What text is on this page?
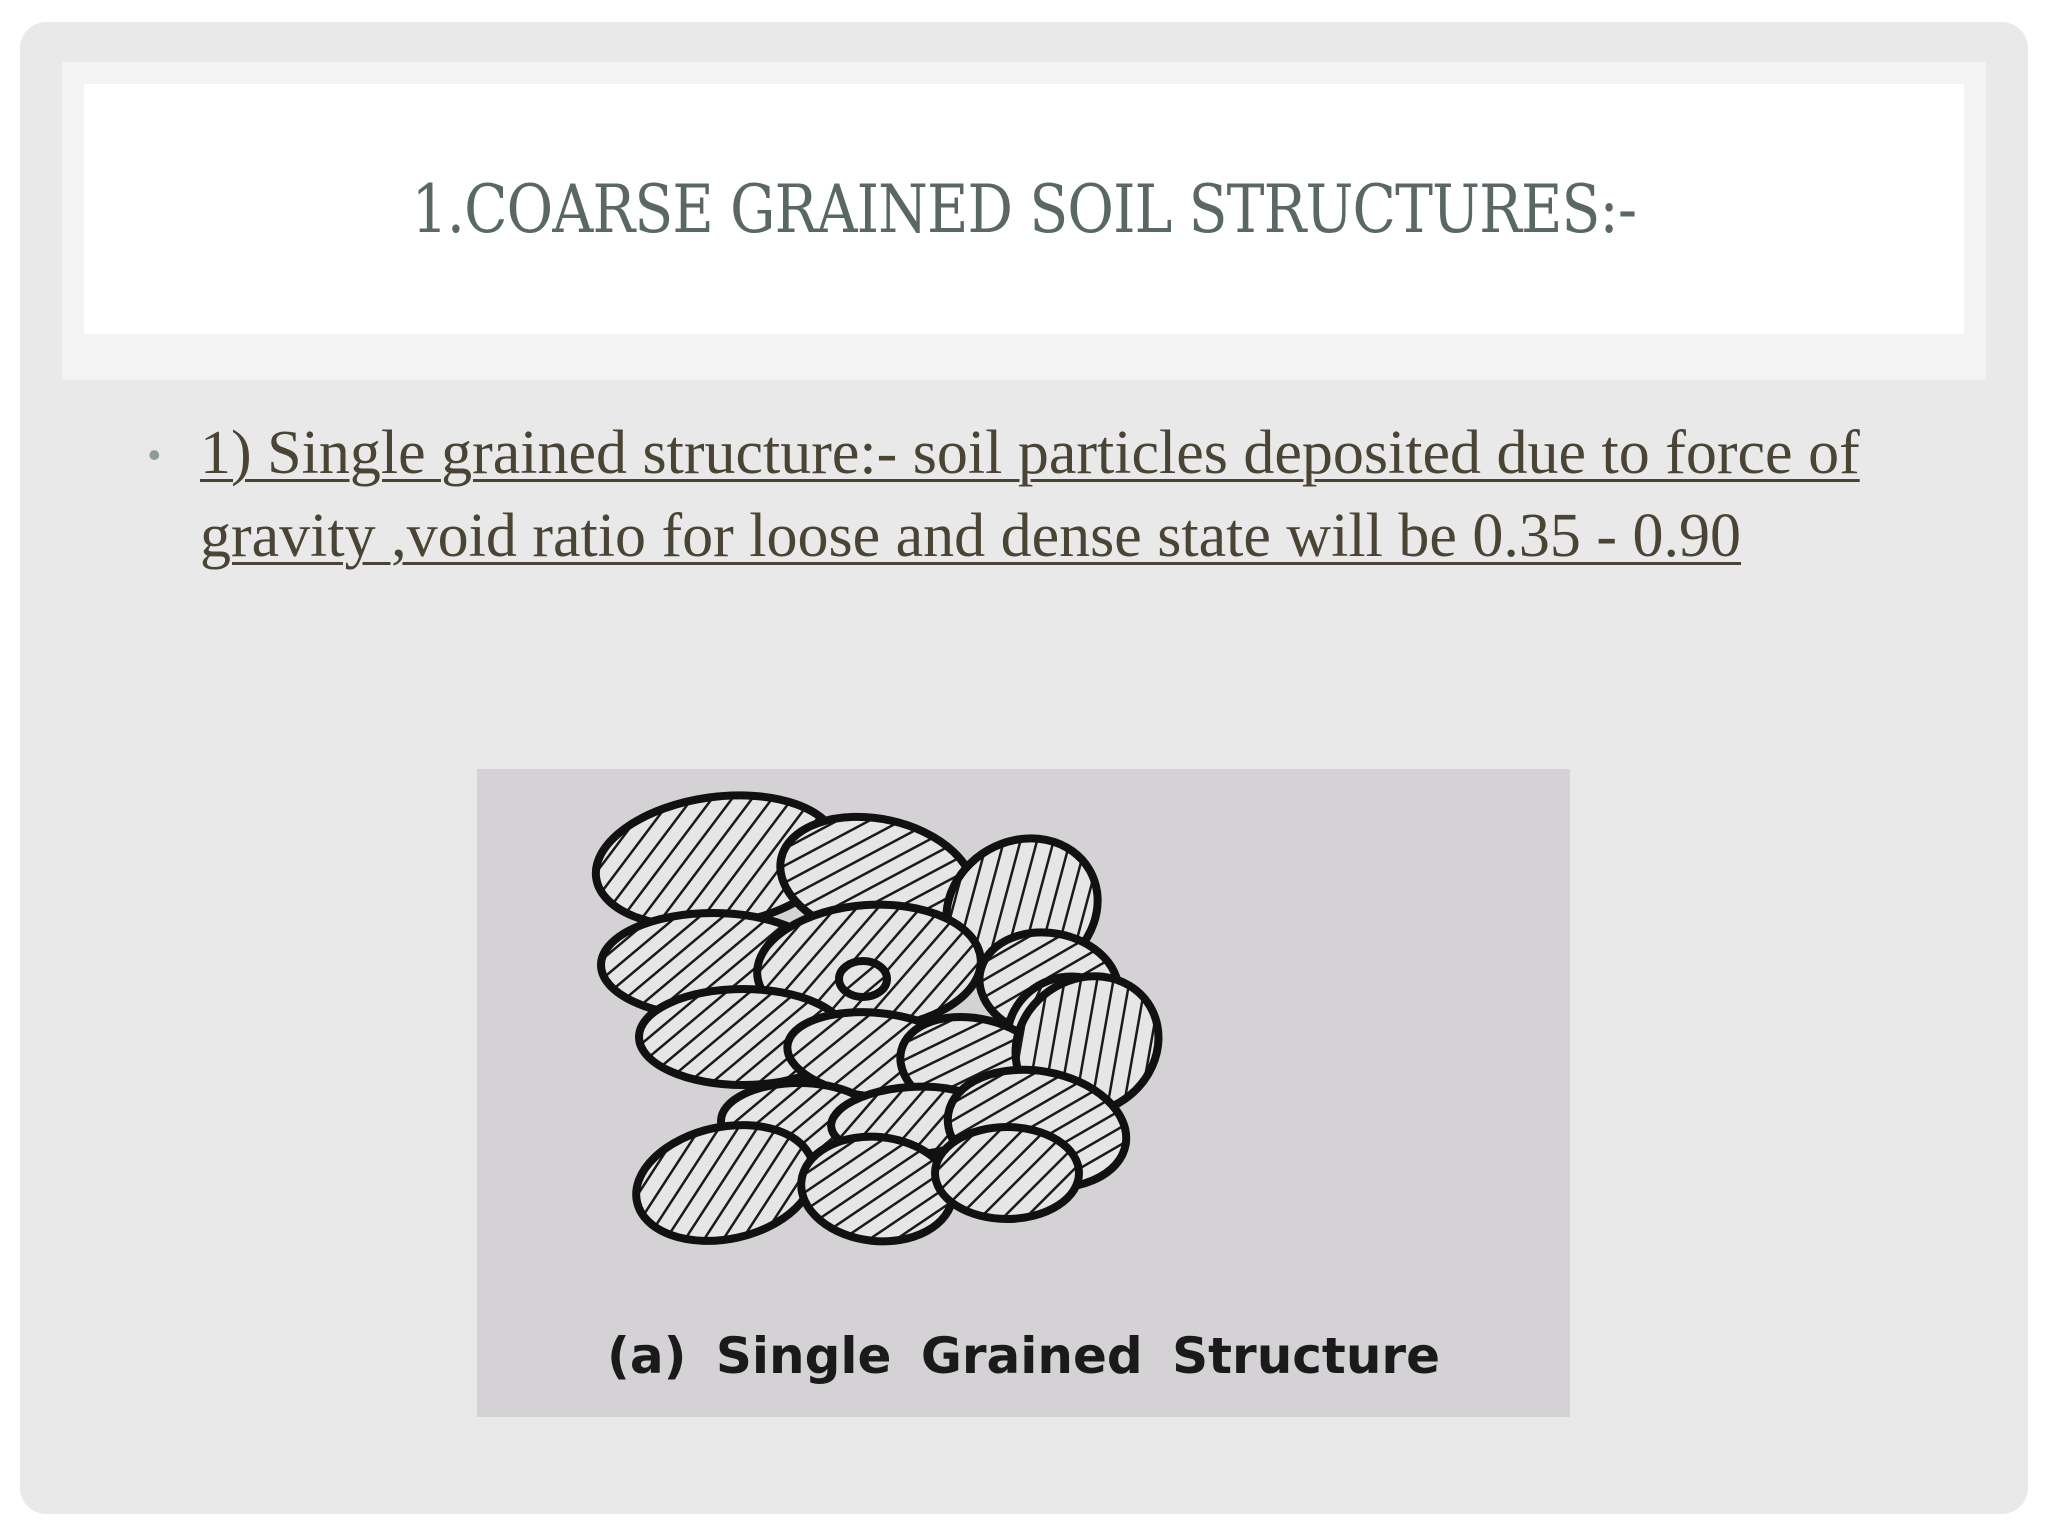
1.COARSE GRAINED SOIL STRUCTURES:-
• 1) Single grained structure:- soil particles deposited due to force of gravity ,void ratio for loose and dense state will be 0.35 - 0.90
(a) Single Grained Structure
